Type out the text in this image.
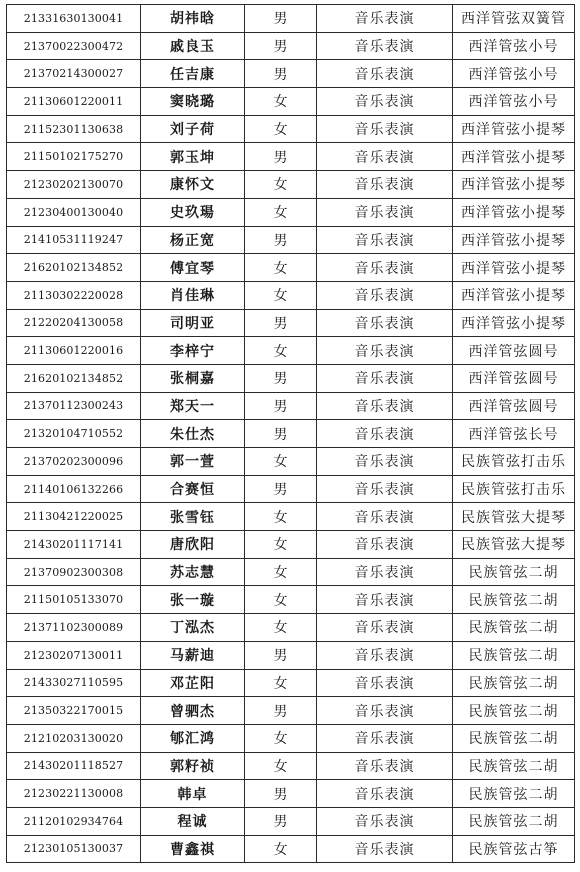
21331630130041	胡祎晗	男	音乐表演	西洋管弦双簧管
21370022300472	戚良玉	男	音乐表演	西洋管弦小号
21370214300027	任吉康	男	音乐表演	西洋管弦小号
21130601220011	窦晓璐	女	音乐表演	西洋管弦小号
21152301130638	刘子荷	女	音乐表演	西洋管弦小提琴
21150102175270	郭玉坤	男	音乐表演	西洋管弦小提琴
21230202130070	康怀文	女	音乐表演	西洋管弦小提琴
21230400130040	史玖瑒	女	音乐表演	西洋管弦小提琴
21410531119247	杨正宽	男	音乐表演	西洋管弦小提琴
21620102134852	傅宜琴	女	音乐表演	西洋管弦小提琴
21130302220028	肖佳琳	女	音乐表演	西洋管弦小提琴
21220204130058	司明亚	男	音乐表演	西洋管弦小提琴
21130601220016	李梓宁	女	音乐表演	西洋管弦圆号
21620102134852	张桐嘉	男	音乐表演	西洋管弦圆号
21370112300243	郑天一	男	音乐表演	西洋管弦圆号
21320104710552	朱仕杰	男	音乐表演	西洋管弦长号
21370202300096	郭一萱	女	音乐表演	民族管弦打击乐
21140106132266	合赛恒	男	音乐表演	民族管弦打击乐
21130421220025	张雪钰	女	音乐表演	民族管弦大提琴
21430201117141	唐欣阳	女	音乐表演	民族管弦大提琴
21370902300308	苏志慧	女	音乐表演	民族管弦二胡
21150105133070	张一璇	女	音乐表演	民族管弦二胡
21371102300089	丁泓杰	女	音乐表演	民族管弦二胡
21230207130011	马薪迪	男	音乐表演	民族管弦二胡
21433027110595	邓芷阳	女	音乐表演	民族管弦二胡
21350322170015	曾驷杰	男	音乐表演	民族管弦二胡
21210203130020	郇汇鸿	女	音乐表演	民族管弦二胡
21430201118527	郭籽祯	女	音乐表演	民族管弦二胡
21230221130008	韩卓	男	音乐表演	民族管弦二胡
21120102934764	程诚	男	音乐表演	民族管弦二胡
21230105130037	曹鑫祺	女	音乐表演	民族管弦古筝
